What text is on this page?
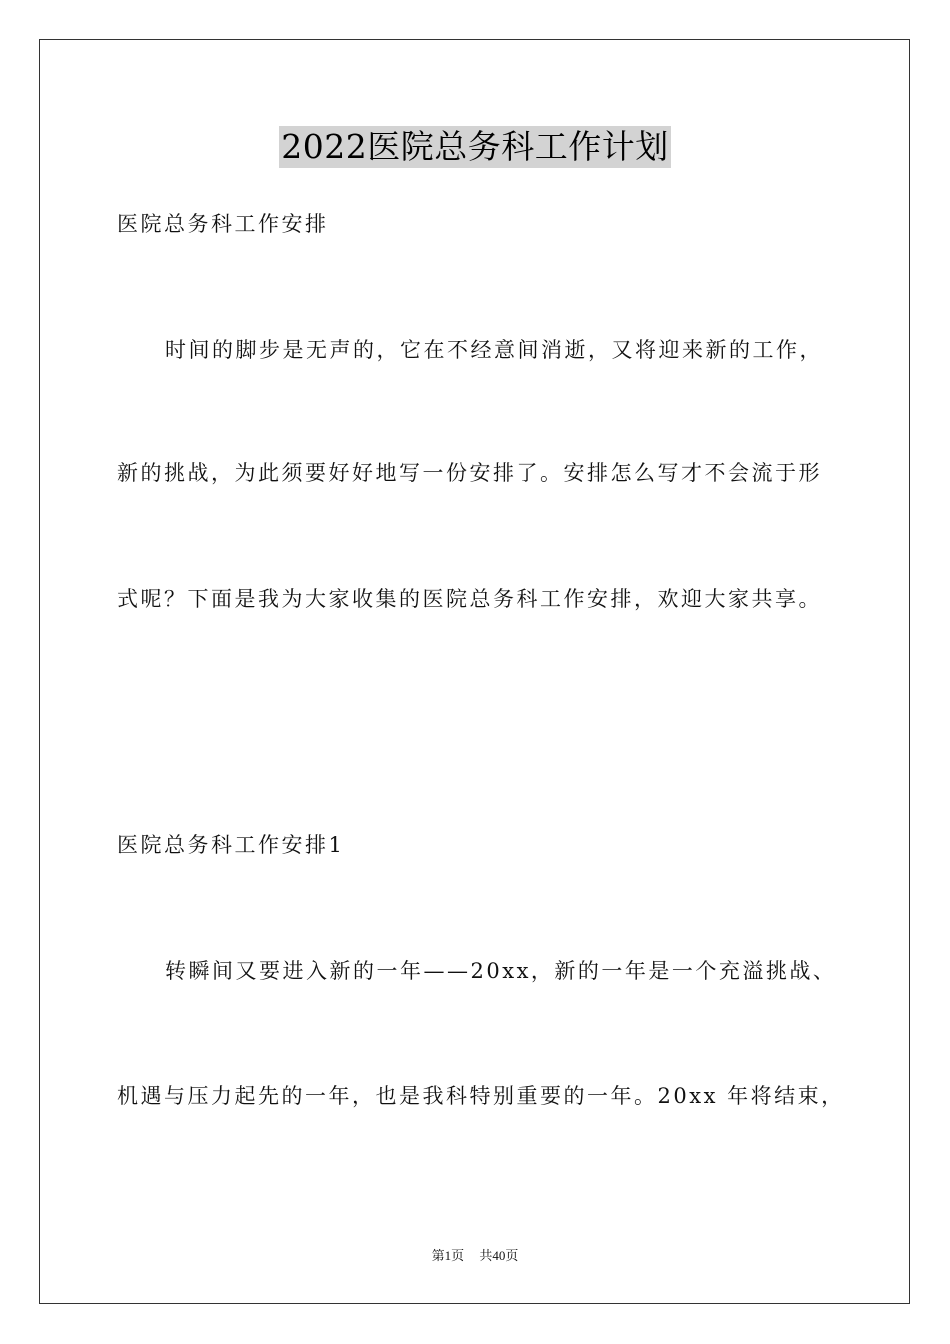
2022医院总务科工作计划
医院总务科工作安排
时间的脚步是无声的，它在不经意间消逝，又将迎来新的工作，
新的挑战，为此须要好好地写一份安排了。安排怎么写才不会流于形
式呢？下面是我为大家收集的医院总务科工作安排，欢迎大家共享。
医院总务科工作安排1
转瞬间又要进入新的一年——20xx，新的一年是一个充溢挑战、
机遇与压力起先的一年，也是我科特别重要的一年。20xx 年将结束，
第1页 共40页
